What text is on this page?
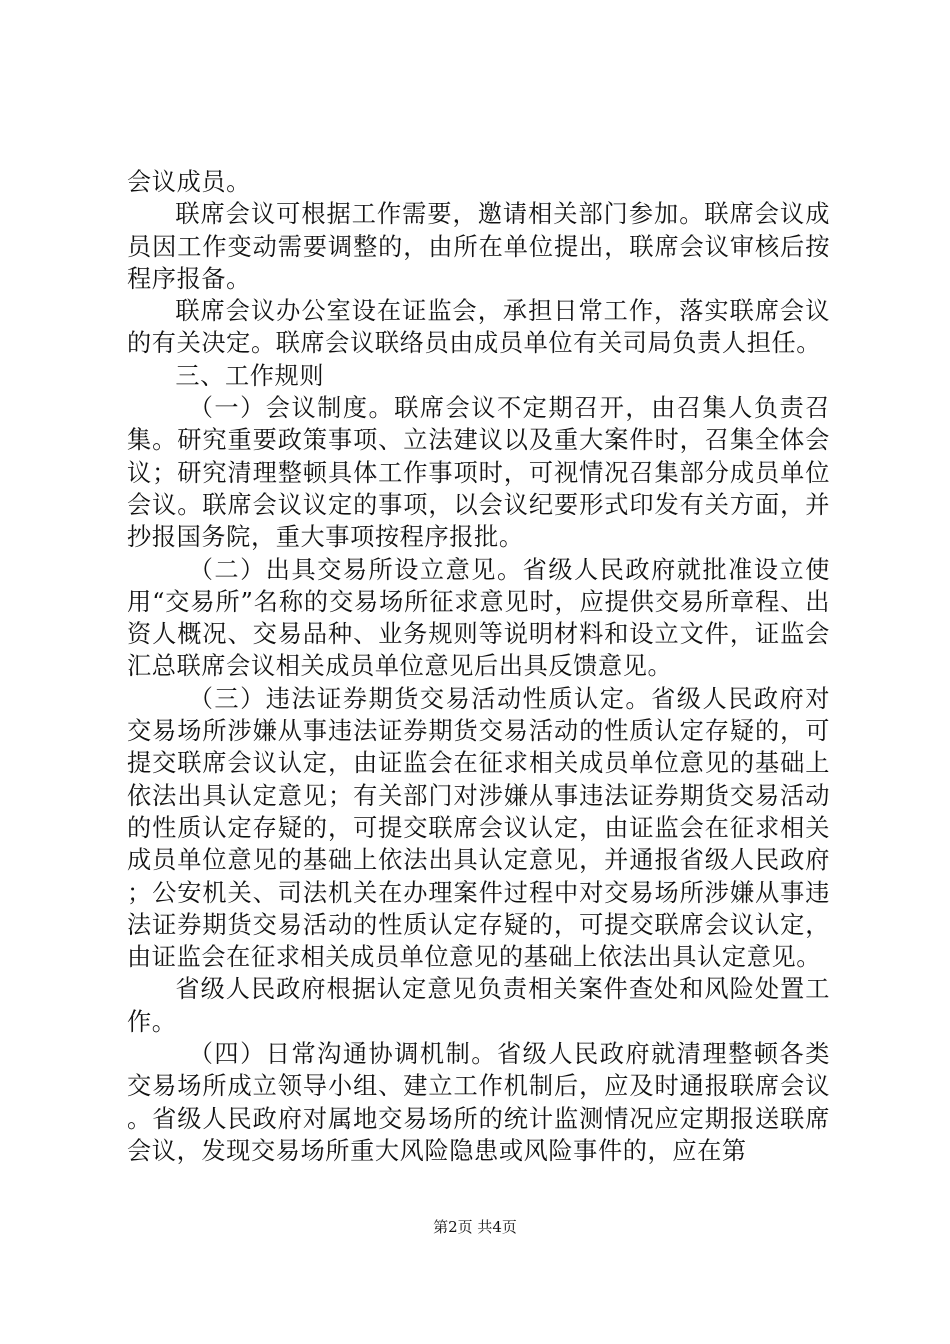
会议成员。

联席会议可根据工作需要，邀请相关部门参加。联席会议成员因工作变动需要调整的，由所在单位提出，联席会议审核后按程序报备。

联席会议办公室设在证监会，承担日常工作，落实联席会议的有关决定。联席会议联络员由成员单位有关司局负责人担任。

三、工作规则

（一）会议制度。联席会议不定期召开，由召集人负责召集。研究重要政策事项、立法建议以及重大案件时，召集全体会议；研究清理整顿具体工作事项时，可视情况召集部分成员单位会议。联席会议议定的事项，以会议纪要形式印发有关方面，并抄报国务院，重大事项按程序报批。

（二）出具交易所设立意见。省级人民政府就批准设立使用“交易所”名称的交易场所征求意见时，应提供交易所章程、出资人概况、交易品种、业务规则等说明材料和设立文件，证监会汇总联席会议相关成员单位意见后出具反馈意见。

（三）违法证券期货交易活动性质认定。省级人民政府对交易场所涉嫌从事违法证券期货交易活动的性质认定存疑的，可提交联席会议认定，由证监会在征求相关成员单位意见的基础上依法出具认定意见；有关部门对涉嫌从事违法证券期货交易活动的性质认定存疑的，可提交联席会议认定，由证监会在征求相关成员单位意见的基础上依法出具认定意见，并通报省级人民政府；公安机关、司法机关在办理案件过程中对交易场所涉嫌从事违法证券期货交易活动的性质认定存疑的，可提交联席会议认定，由证监会在征求相关成员单位意见的基础上依法出具认定意见。

省级人民政府根据认定意见负责相关案件查处和风险处置工作。

（四）日常沟通协调机制。省级人民政府就清理整顿各类交易场所成立领导小组、建立工作机制后，应及时通报联席会议。省级人民政府对属地交易场所的统计监测情况应定期报送联席会议，发现交易场所重大风险隐患或风险事件的，应在第

第2页 共4页
